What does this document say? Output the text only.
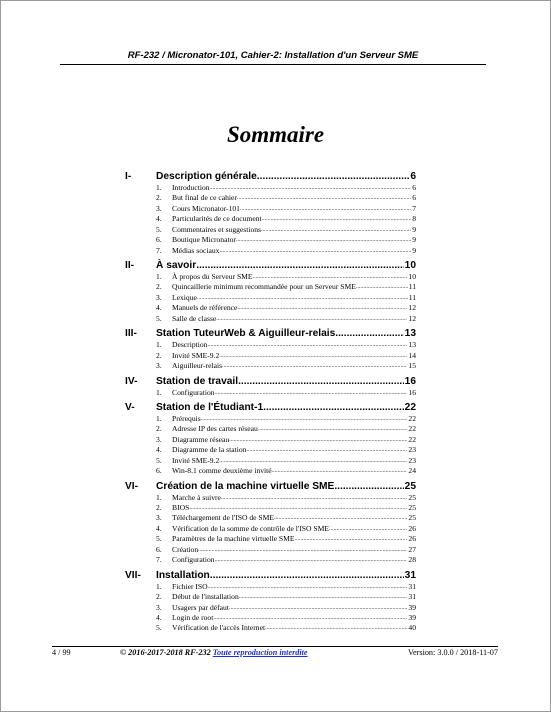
RF-232 / Micronator-101, Cahier-2: Installation d'un Serveur SME
Sommaire
I-	Description générale .....	6
1.	Introduction .....	6
2.	But final de ce cahier .....	6
3.	Cours Micronator-101 .....	7
4.	Particularités de ce document .....	8
5.	Commentaires et suggestions .....	9
6.	Boutique Micronator .....	9
7.	Médias sociaux .....	9
II-	À savoir .....	10
1.	À propos du Serveur SME .....	10
2.	Quincaillerie minimum recommandée pour un Serveur SME .....	11
3.	Lexique .....	11
4.	Manuels de référence .....	12
5.	Salle de classe .....	12
III-	Station TuteurWeb & Aiguilleur-relais .....	13
1.	Description .....	13
2.	Invité SME-9.2 .....	14
3.	Aiguilleur-relais .....	15
IV-	Station de travail .....	16
1.	Configuration .....	16
V-	Station de l'Étudiant-1 .....	22
1.	Prérequis .....	22
2.	Adresse IP des cartes réseau .....	22
3.	Diagramme réseau .....	22
4.	Diagramme de la station .....	23
5.	Invité SME-9.2 .....	23
6.	Win-8.1 comme deuxième invité .....	24
VI-	Création de la machine virtuelle SME .....	25
1.	Marche à suivre .....	25
2.	BIOS .....	25
3.	Téléchargement de l'ISO de SME .....	25
4.	Vérification de la somme de contrôle de l'ISO SME .....	26
5.	Paramètres de la machine virtuelle SME .....	26
6.	Création .....	27
7.	Configuration .....	28
VII-	Installation .....	31
1.	Fichier ISO .....	31
2.	Début de l'installation .....	31
3.	Usagers par défaut .....	39
4.	Login de root .....	39
5.	Vérification de l'accès Internet .....	40
4 / 99	© 2016-2017-2018 RF-232 Toute reproduction interdite	Version: 3.0.0 / 2018-11-07
